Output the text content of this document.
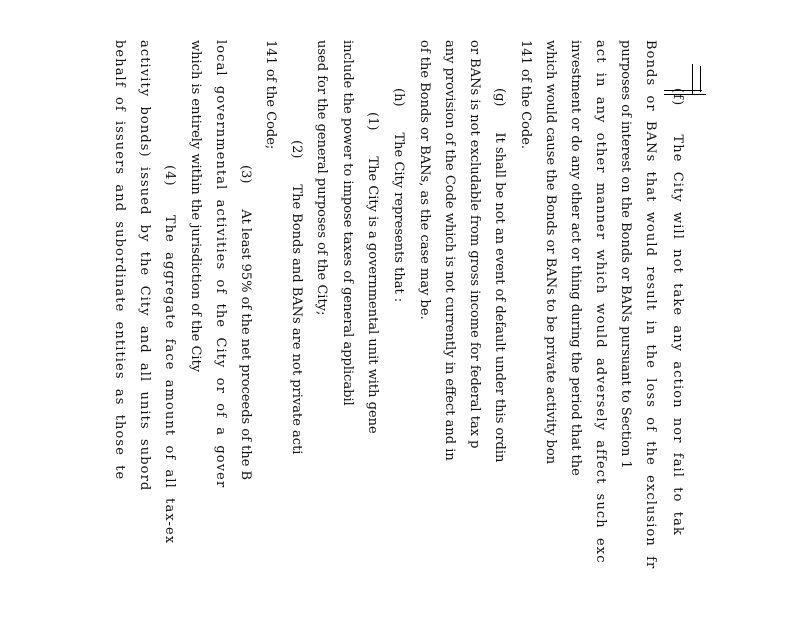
(f)  The City will not take any action nor fail to tak
Bonds or BANs that would result in the loss of the exclusion fr
purposes of interest on the Bonds or BANs pursuant to Section 1
act in any other manner which would adversely affect such exc
investment or do any other act or thing during the period that the
which would cause the Bonds or BANs to be private activity bon
141 of the Code.
(g)  It shall be not an event of default under this ordin
or BANs is not excludable from gross income for federal tax p
any provision of the Code which is not currently in effect and in
of the Bonds or BANs, as the case may be.
(h)  The City represents that :
(1)  The City is a governmental unit with gene
include the power to impose taxes of general applicabil
used for the general purposes of the City;
(2)  The Bonds and BANs are not private acti
141 of the Code;
(3)  At least 95% of the net proceeds of the B
local governmental activities of the City or of a gover
which is entirely within the jurisdiction of the City
(4)  The aggregate face amount of all tax-ex
activity bonds) issued by the City and all units subord
behalf of issuers and subordinate entities as those te
